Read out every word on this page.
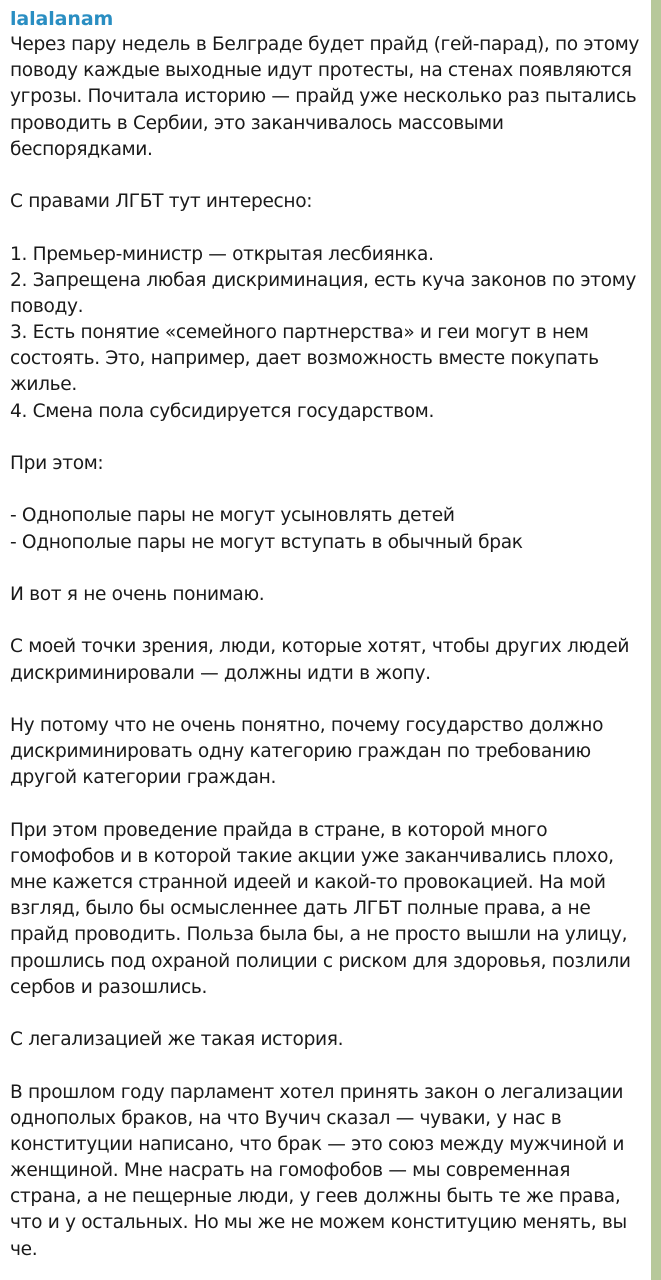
lalalanam
Через пару недель в Белграде будет прайд (гей-парад), по этому
поводу каждые выходные идут протесты, на стенах появляются
угрозы. Почитала историю — прайд уже несколько раз пытались
проводить в Сербии, это заканчивалось массовыми
беспорядками.
С правами ЛГБТ тут интересно:
1. Премьер-министр — открытая лесбиянка.
2. Запрещена любая дискриминация, есть куча законов по этому
поводу.
3. Есть понятие «семейного партнерства» и геи могут в нем
состоять. Это, например, дает возможность вместе покупать
жилье.
4. Смена пола субсидируется государством.
При этом:
- Однополые пары не могут усыновлять детей
- Однополые пары не могут вступать в обычный брак
И вот я не очень понимаю.
С моей точки зрения, люди, которые хотят, чтобы других людей
дискриминировали — должны идти в жопу.
Ну потому что не очень понятно, почему государство должно
дискриминировать одну категорию граждан по требованию
другой категории граждан.
При этом проведение прайда в стране, в которой много
гомофобов и в которой такие акции уже заканчивались плохо,
мне кажется странной идеей и какой-то провокацией. На мой
взгляд, было бы осмысленнее дать ЛГБТ полные права, а не
прайд проводить. Польза была бы, а не просто вышли на улицу,
прошлись под охраной полиции с риском для здоровья, позлили
сербов и разошлись.
С легализацией же такая история.
В прошлом году парламент хотел принять закон о легализации
однополых браков, на что Вучич сказал — чуваки, у нас в
конституции написано, что брак — это союз между мужчиной и
женщиной. Мне насрать на гомофобов — мы современная
страна, а не пещерные люди, у геев должны быть те же права,
что и у остальных. Но мы же не можем конституцию менять, вы
че.
